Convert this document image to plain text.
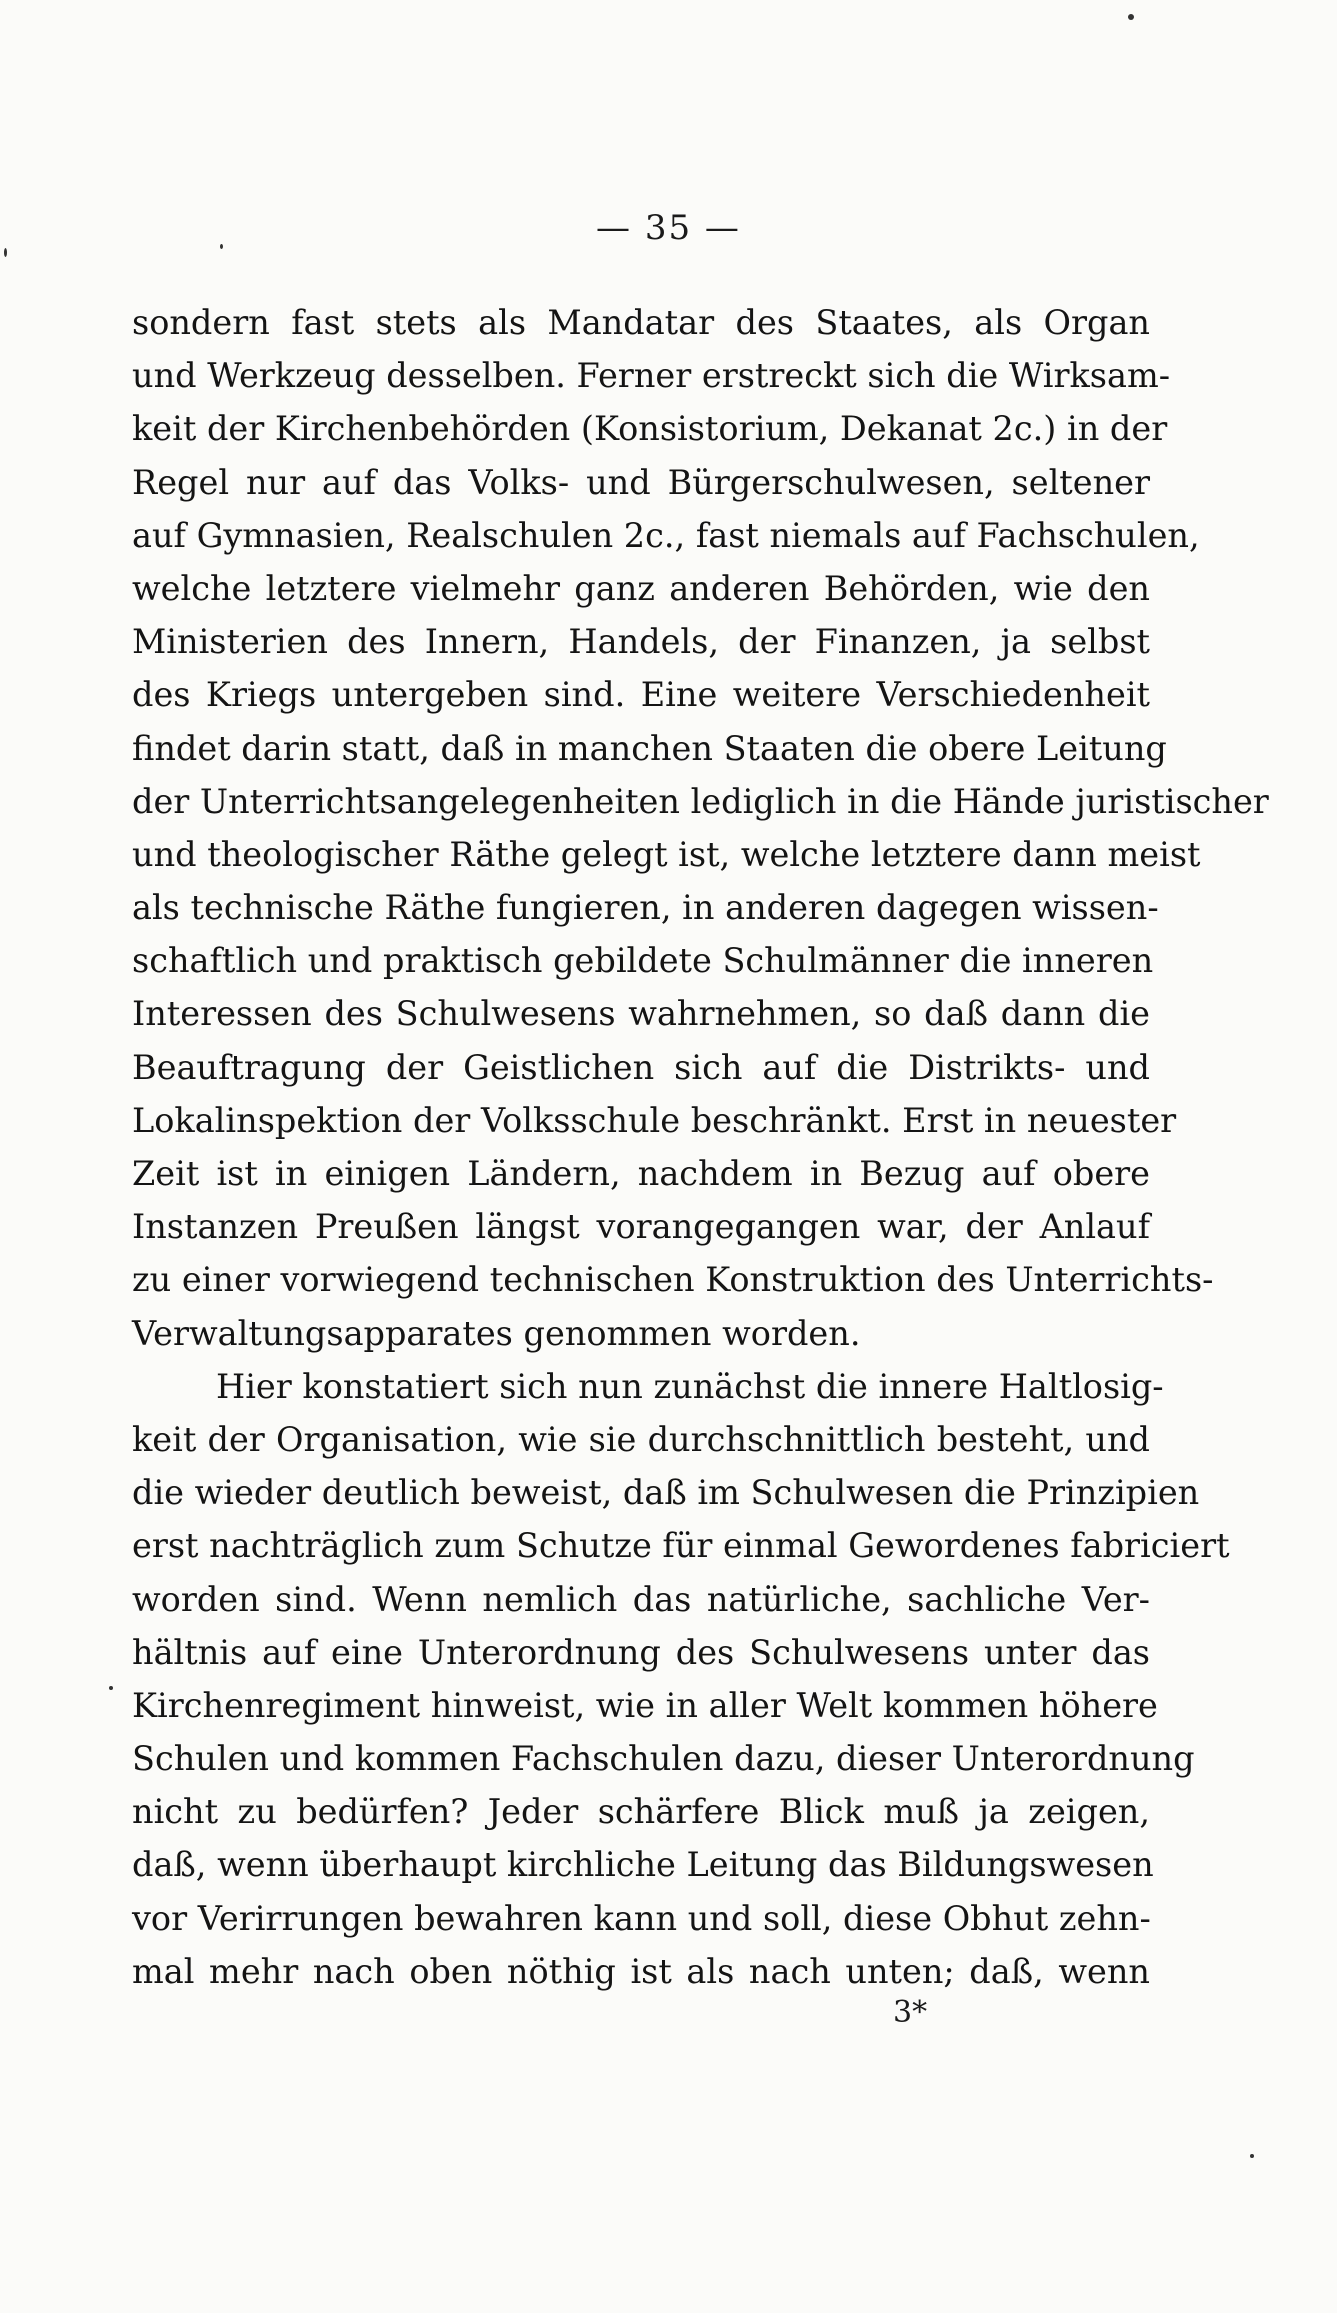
— 35 —
sondern fast stets als Mandatar des Staates, als Organ
und Werkzeug desselben. Ferner erstreckt sich die Wirksam-
keit der Kirchenbehörden (Konsistorium, Dekanat 2c.) in der
Regel nur auf das Volks- und Bürgerschulwesen, seltener
auf Gymnasien, Realschulen 2c., fast niemals auf Fachschulen,
welche letztere vielmehr ganz anderen Behörden, wie den
Ministerien des Innern, Handels, der Finanzen, ja selbst
des Kriegs untergeben sind. Eine weitere Verschiedenheit
findet darin statt, daß in manchen Staaten die obere Leitung
der Unterrichtsangelegenheiten lediglich in die Hände juristischer
und theologischer Räthe gelegt ist, welche letztere dann meist
als technische Räthe fungieren, in anderen dagegen wissen-
schaftlich und praktisch gebildete Schulmänner die inneren
Interessen des Schulwesens wahrnehmen, so daß dann die
Beauftragung der Geistlichen sich auf die Distrikts- und
Lokalinspektion der Volksschule beschränkt. Erst in neuester
Zeit ist in einigen Ländern, nachdem in Bezug auf obere
Instanzen Preußen längst vorangegangen war, der Anlauf
zu einer vorwiegend technischen Konstruktion des Unterrichts-
Verwaltungsapparates genommen worden.
Hier konstatiert sich nun zunächst die innere Haltlosig-
keit der Organisation, wie sie durchschnittlich besteht, und
die wieder deutlich beweist, daß im Schulwesen die Prinzipien
erst nachträglich zum Schutze für einmal Gewordenes fabriciert
worden sind. Wenn nemlich das natürliche, sachliche Ver-
hältnis auf eine Unterordnung des Schulwesens unter das
Kirchenregiment hinweist, wie in aller Welt kommen höhere
Schulen und kommen Fachschulen dazu, dieser Unterordnung
nicht zu bedürfen? Jeder schärfere Blick muß ja zeigen,
daß, wenn überhaupt kirchliche Leitung das Bildungswesen
vor Verirrungen bewahren kann und soll, diese Obhut zehn-
mal mehr nach oben nöthig ist als nach unten; daß, wenn
3*
